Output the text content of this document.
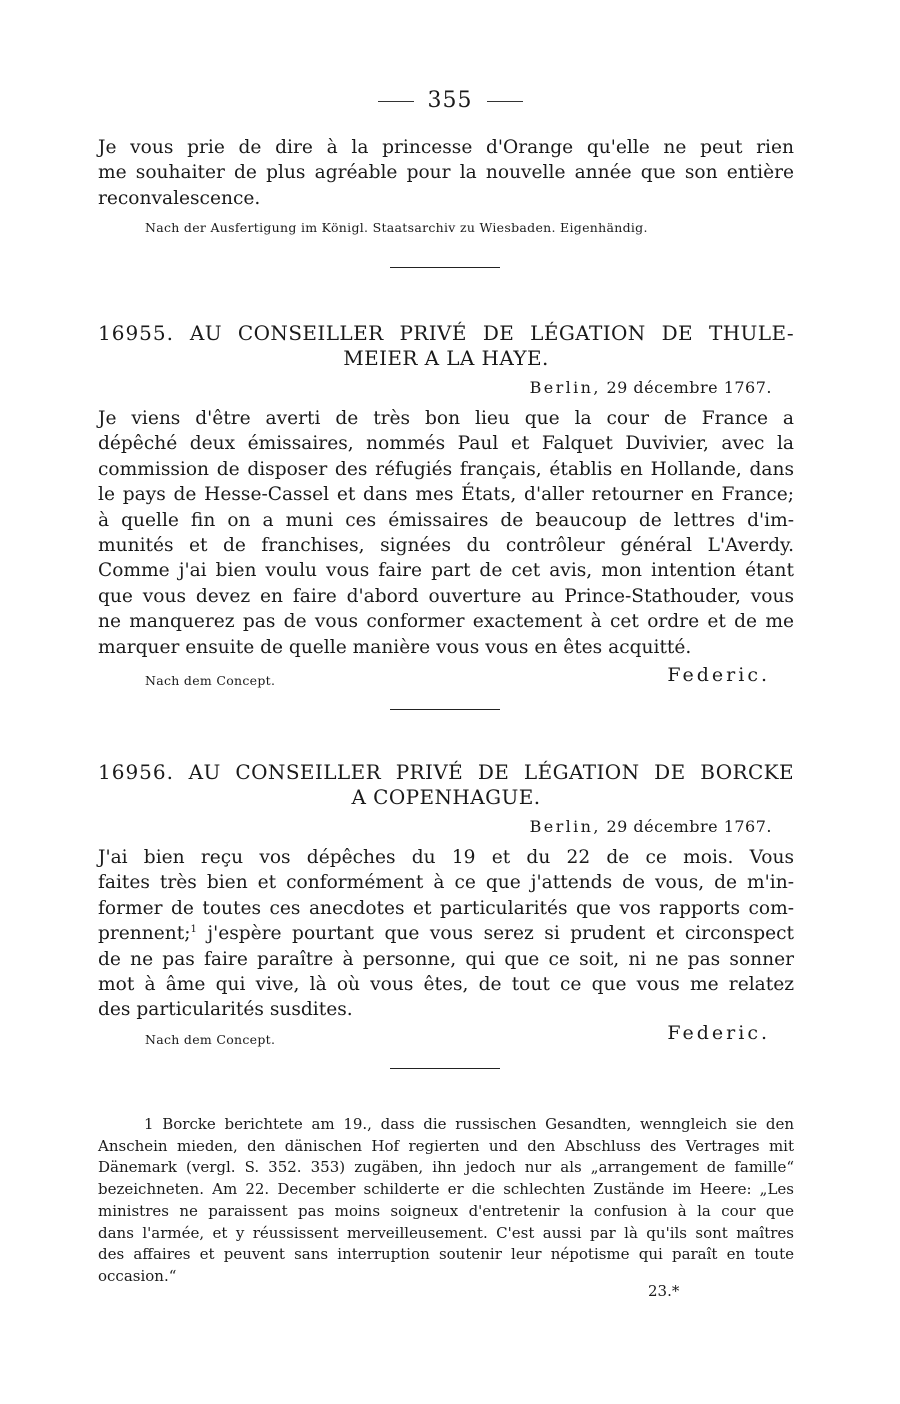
355
Je vous prie de dire à la princesse d'Orange qu'elle ne peut rien
me souhaiter de plus agréable pour la nouvelle année que son entière
reconvalescence.
Nach der Ausfertigung im Königl. Staatsarchiv zu Wiesbaden. Eigenhändig.
16955. AU CONSEILLER PRIVÉ DE LÉGATION DE THULE-
MEIER A LA HAYE.
Berlin, 29 décembre 1767.
Je viens d'être averti de très bon lieu que la cour de France a
dépêché deux émissaires, nommés Paul et Falquet Duvivier, avec la
commission de disposer des réfugiés français, établis en Hollande, dans
le pays de Hesse-Cassel et dans mes États, d'aller retourner en France;
à quelle fin on a muni ces émissaires de beaucoup de lettres d'im-
munités et de franchises, signées du contrôleur général L'Averdy.
Comme j'ai bien voulu vous faire part de cet avis, mon intention étant
que vous devez en faire d'abord ouverture au Prince-Stathouder, vous
ne manquerez pas de vous conformer exactement à cet ordre et de me
marquer ensuite de quelle manière vous vous en êtes acquitté.
Nach dem Concept.	Federic.
16956. AU CONSEILLER PRIVÉ DE LÉGATION DE BORCKE
A COPENHAGUE.
Berlin, 29 décembre 1767.
J'ai bien reçu vos dépêches du 19 et du 22 de ce mois. Vous
faites très bien et conformément à ce que j'attends de vous, de m'in-
former de toutes ces anecdotes et particularités que vos rapports com-
prennent;$^1$ j'espère pourtant que vous serez si prudent et circonspect
de ne pas faire paraître à personne, qui que ce soit, ni ne pas sonner
mot à âme qui vive, là où vous êtes, de tout ce que vous me relatez
des particularités susdites.
Nach dem Concept.	Federic.
1 Borcke berichtete am 19., dass die russischen Gesandten, wenngleich sie den
Anschein mieden, den dänischen Hof regierten und den Abschluss des Vertrages mit
Dänemark (vergl. S. 352. 353) zugäben, ihn jedoch nur als „arrangement de famille“
bezeichneten. Am 22. December schilderte er die schlechten Zustände im Heere: „Les
ministres ne paraissent pas moins soigneux d'entretenir la confusion à la cour que
dans l'armée, et y réussissent merveilleusement. C'est aussi par là qu'ils sont maîtres
des affaires et peuvent sans interruption soutenir leur népotisme qui paraît en toute
occasion.“
23.*
